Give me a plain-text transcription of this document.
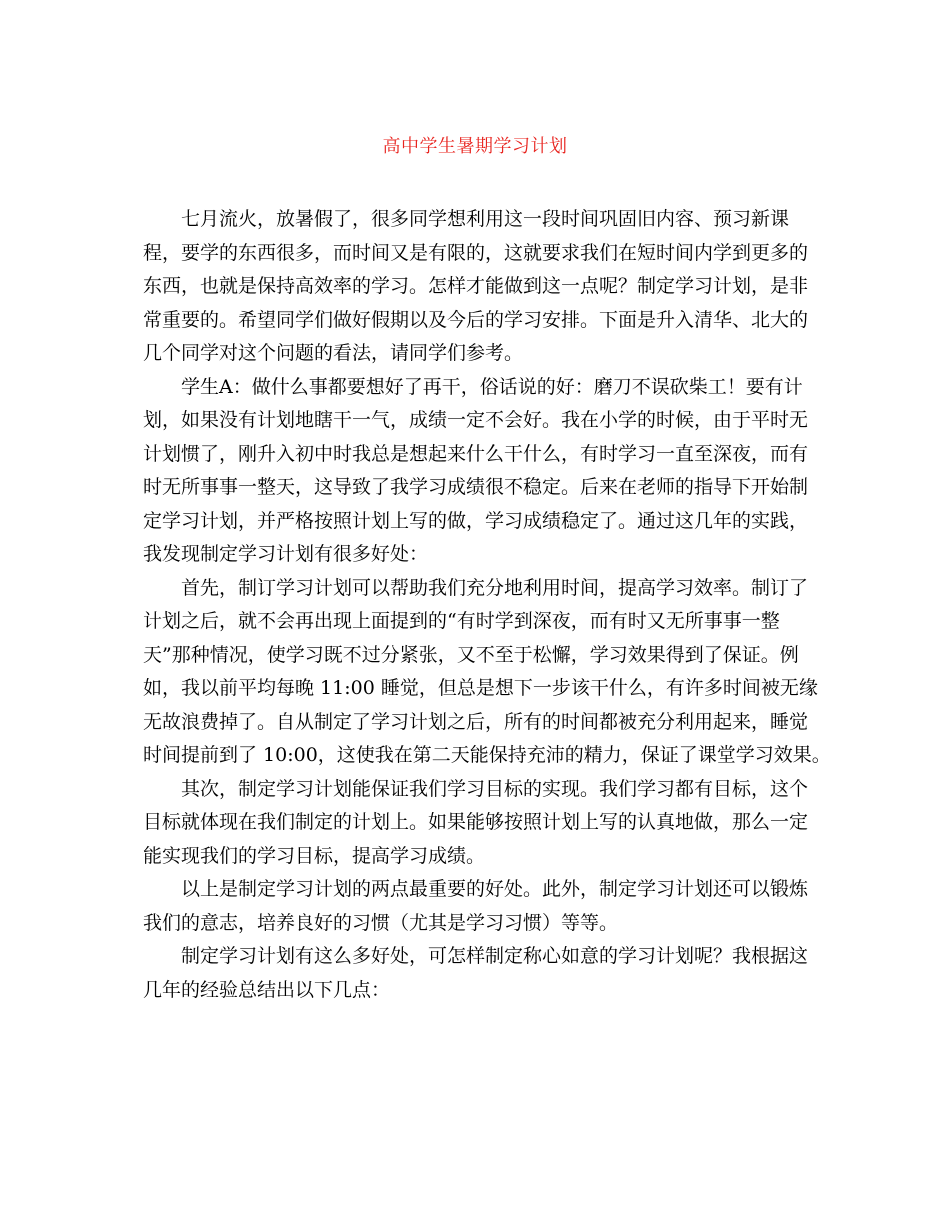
高中学生暑期学习计划

七月流火，放暑假了，很多同学想利用这一段时间巩固旧内容、预习新课
程，要学的东西很多，而时间又是有限的，这就要求我们在短时间内学到更多的
东西，也就是保持高效率的学习。怎样才能做到这一点呢？制定学习计划，是非
常重要的。希望同学们做好假期以及今后的学习安排。下面是升入清华、北大的
几个同学对这个问题的看法，请同学们参考。

学生A：做什么事都要想好了再干，俗话说的好：磨刀不误砍柴工！要有计
划，如果没有计划地瞎干一气，成绩一定不会好。我在小学的时候，由于平时无
计划惯了，刚升入初中时我总是想起来什么干什么，有时学习一直至深夜，而有
时无所事事一整天，这导致了我学习成绩很不稳定。后来在老师的指导下开始制
定学习计划，并严格按照计划上写的做，学习成绩稳定了。通过这几年的实践，
我发现制定学习计划有很多好处：

首先，制订学习计划可以帮助我们充分地利用时间，提高学习效率。制订了
计划之后，就不会再出现上面提到的“有时学到深夜，而有时又无所事事一整
天”那种情况，使学习既不过分紧张，又不至于松懈，学习效果得到了保证。例
如，我以前平均每晚 11:00 睡觉，但总是想下一步该干什么，有许多时间被无缘
无故浪费掉了。自从制定了学习计划之后，所有的时间都被充分利用起来，睡觉
时间提前到了 10:00，这使我在第二天能保持充沛的精力，保证了课堂学习效果。

其次，制定学习计划能保证我们学习目标的实现。我们学习都有目标，这个
目标就体现在我们制定的计划上。如果能够按照计划上写的认真地做，那么一定
能实现我们的学习目标，提高学习成绩。

以上是制定学习计划的两点最重要的好处。此外，制定学习计划还可以锻炼
我们的意志，培养良好的习惯（尤其是学习习惯）等等。

制定学习计划有这么多好处，可怎样制定称心如意的学习计划呢？我根据这
几年的经验总结出以下几点：
